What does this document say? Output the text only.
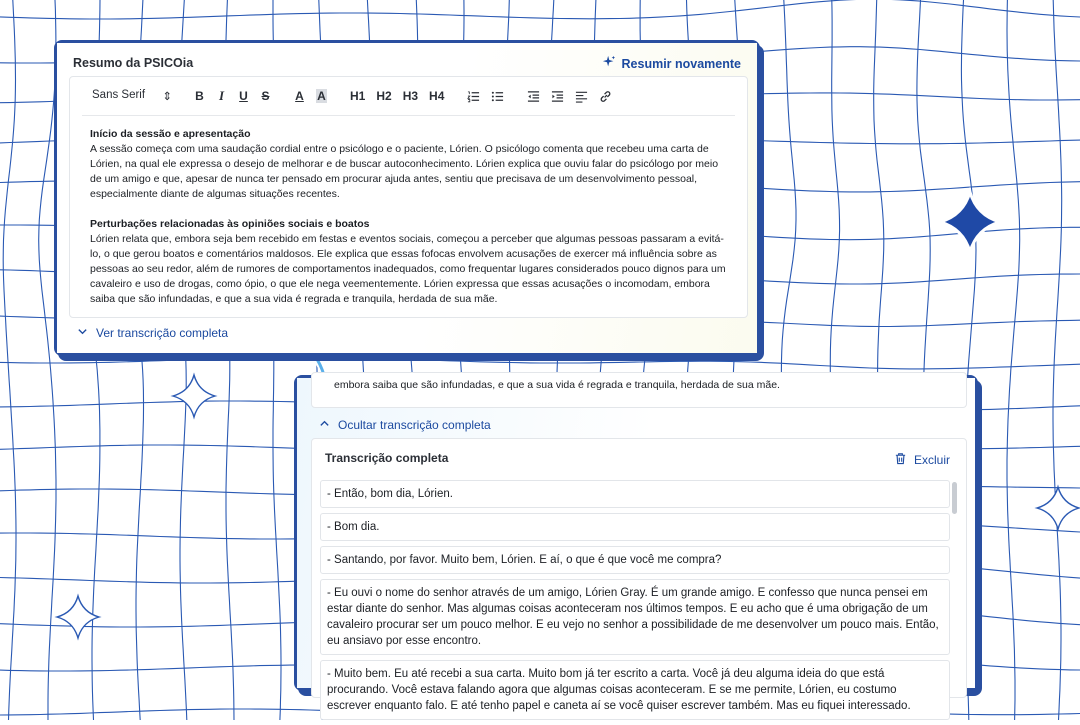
Resumo da PSICOia	Resumir novamente
Sans Serif ⇕ B I U S A A H1 H2 H3 H4
Início da sessão e apresentação

A sessão começa com uma saudação cordial entre o psicólogo e o paciente, Lórien. O psicólogo comenta que recebeu uma carta de Lórien, na qual ele expressa o desejo de melhorar e de buscar autoconhecimento. Lórien explica que ouviu falar do psicólogo por meio de um amigo e que, apesar de nunca ter pensado em procurar ajuda antes, sentiu que precisava de um desenvolvimento pessoal, especialmente diante de algumas situações recentes.

Perturbações relacionadas às opiniões sociais e boatos

Lórien relata que, embora seja bem recebido em festas e eventos sociais, começou a perceber que algumas pessoas passaram a evitá-lo, o que gerou boatos e comentários maldosos. Ele explica que essas fofocas envolvem acusações de exercer má influência sobre as pessoas ao seu redor, além de rumores de comportamentos inadequados, como frequentar lugares considerados pouco dignos para um cavaleiro e uso de drogas, como ópio, o que ele nega veementemente. Lórien expressa que essas acusações o incomodam, embora saiba que são infundadas, e que a sua vida é regrada e tranquila, herdada de sua mãe.

Ver transcrição completa
embora saiba que são infundadas, e que a sua vida é regrada e tranquila, herdada de sua mãe.
Ocultar transcrição completa
Transcrição completa	Excluir
- Então, bom dia, Lórien.
- Bom dia.
- Santando, por favor. Muito bem, Lórien. E aí, o que é que você me compra?
- Eu ouvi o nome do senhor através de um amigo, Lórien Gray. É um grande amigo. E confesso que nunca pensei em estar diante do senhor. Mas algumas coisas aconteceram nos últimos tempos. E eu acho que é uma obrigação de um cavaleiro procurar ser um pouco melhor. E eu vejo no senhor a possibilidade de me desenvolver um pouco mais. Então, eu ansiavo por esse encontro.
- Muito bem. Eu até recebi a sua carta. Muito bom já ter escrito a carta. Você já deu alguma ideia do que está procurando. Você estava falando agora que algumas coisas aconteceram. E se me permite, Lórien, eu costumo escrever enquanto falo. E até tenho papel e caneta aí se você quiser escrever também. Mas eu fiquei interessado.
